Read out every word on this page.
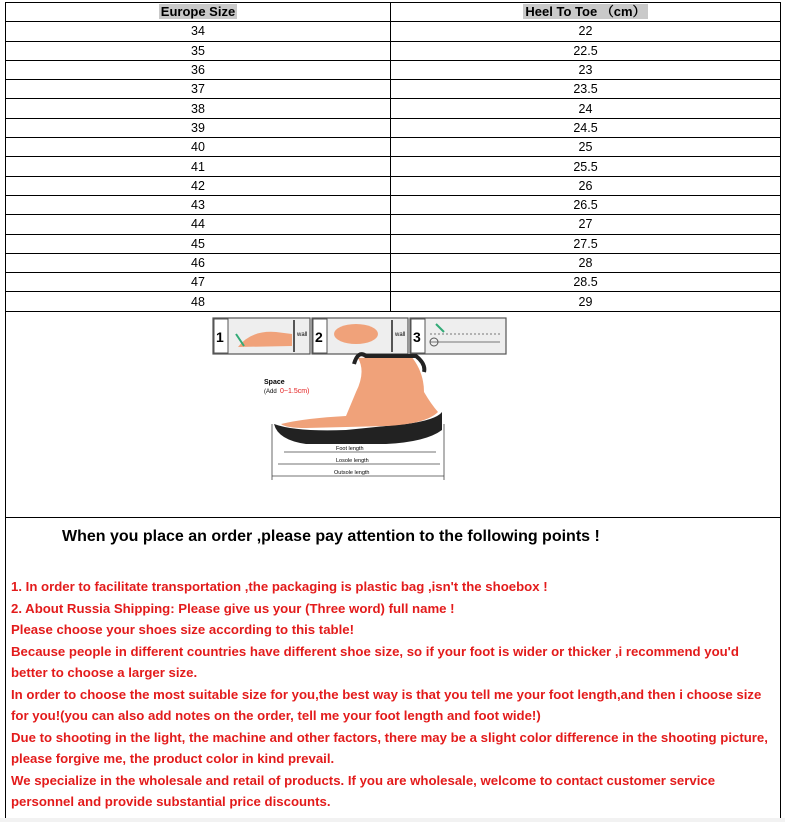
Europe Size	Heel To Toe （cm）
34	22
35	22.5
36	23
37	23.5
38	24
39	24.5
40	25
41	25.5
42	26
43	26.5
44	27
45	27.5
46	28
47	28.5
48	29
1	wall 2	wall 3
Space
(Add 0~1.5cm)
Foot length
Losole length
Outsole length
When you place an order ,please pay attention to the following points !
1. In order to facilitate transportation ,the packaging is plastic bag ,isn't the shoebox !
2. About Russia Shipping: Please give us your (Three word) full name !
Please choose your shoes size according to this table!
Because people in different countries have different shoe size, so if your foot is wider or thicker ,i recommend you'd better to choose a larger size.
In order to choose the most suitable size for you,the best way is that you tell me your foot length,and then i choose size for you!(you can also add notes on the order, tell me your foot length and foot wide!)
Due to shooting in the light, the machine and other factors, there may be a slight color difference in the shooting picture, please forgive me, the product color in kind prevail.
We specialize in the wholesale and retail of products. If you are wholesale, welcome to contact customer service personnel and provide substantial price discounts.
